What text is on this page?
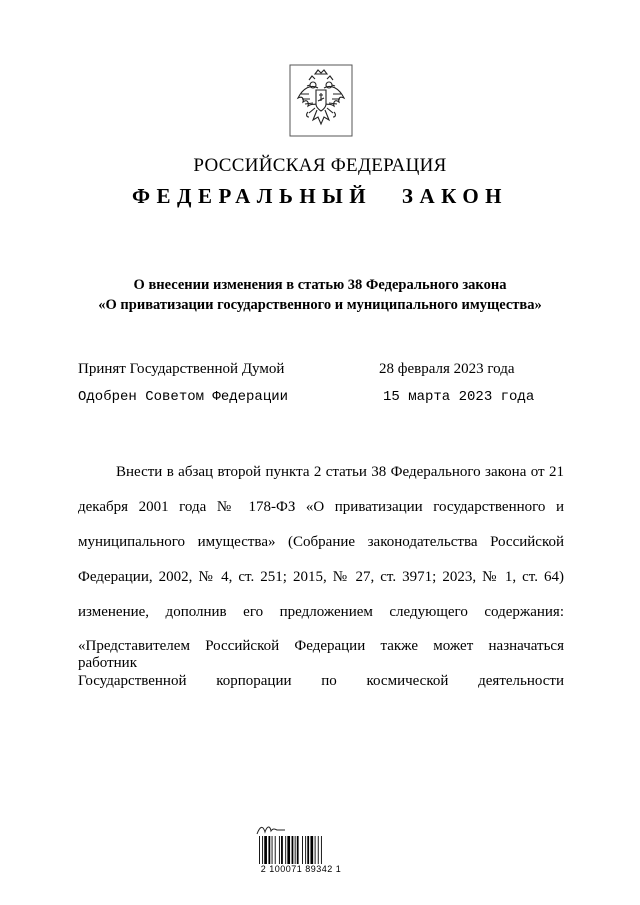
РОССИЙСКАЯ ФЕДЕРАЦИЯ
ФЕДЕРАЛЬНЫЙ ЗАКОН
О внесении изменения в статью 38 Федерального закона
«О приватизации государственного и муниципального имущества»
Принят Государственной Думой	28 февраля 2023 года
Одобрен Советом Федерации	15 марта 2023 года
Внести в абзац второй пункта 2 статьи 38 Федерального закона от 21
декабря 2001 года № 178-ФЗ «О приватизации государственного и
муниципального имущества» (Собрание законодательства Российской
Федерации, 2002, № 4, ст. 251; 2015, № 27, ст. 3971; 2023, № 1, ст. 64)
изменение, дополнив его предложением следующего содержания:
«Представителем Российской Федерации также может назначаться работник
Государственной корпорации по космической деятельности
2 100071 89342 1
